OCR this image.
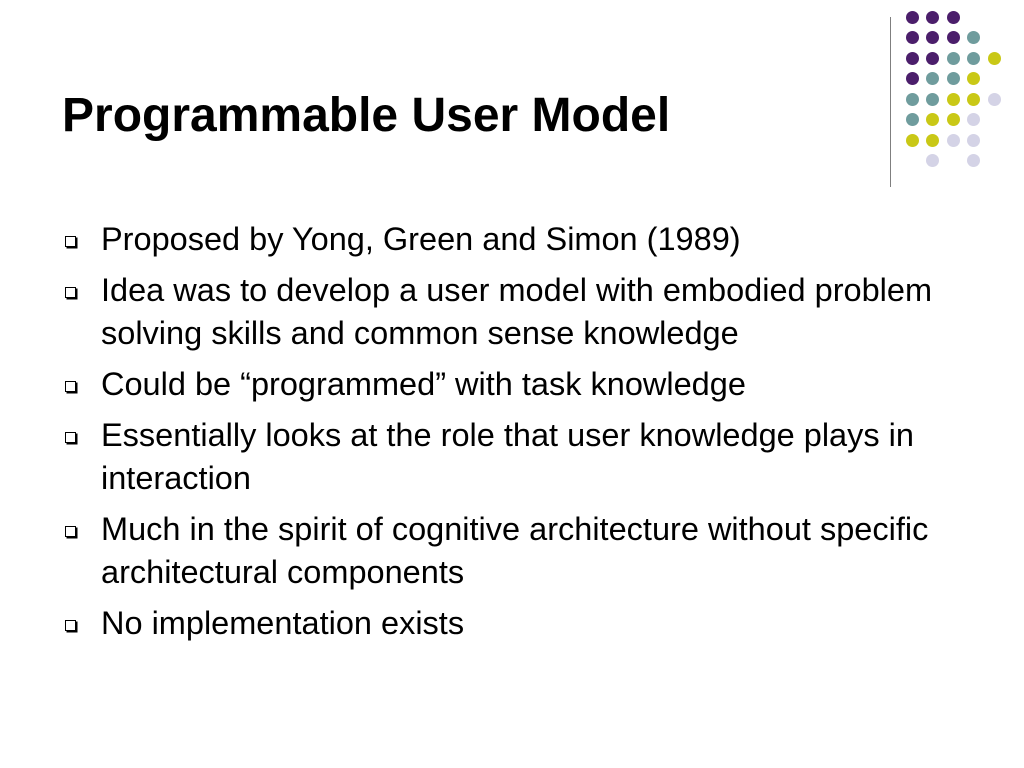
Programmable User Model
Proposed by Yong, Green and Simon (1989)
Idea was to develop a user model with embodied problem solving skills and common sense knowledge
Could be “programmed” with task knowledge
Essentially looks at the role that user knowledge plays in interaction
Much in the spirit of cognitive architecture without specific architectural components
No implementation exists
